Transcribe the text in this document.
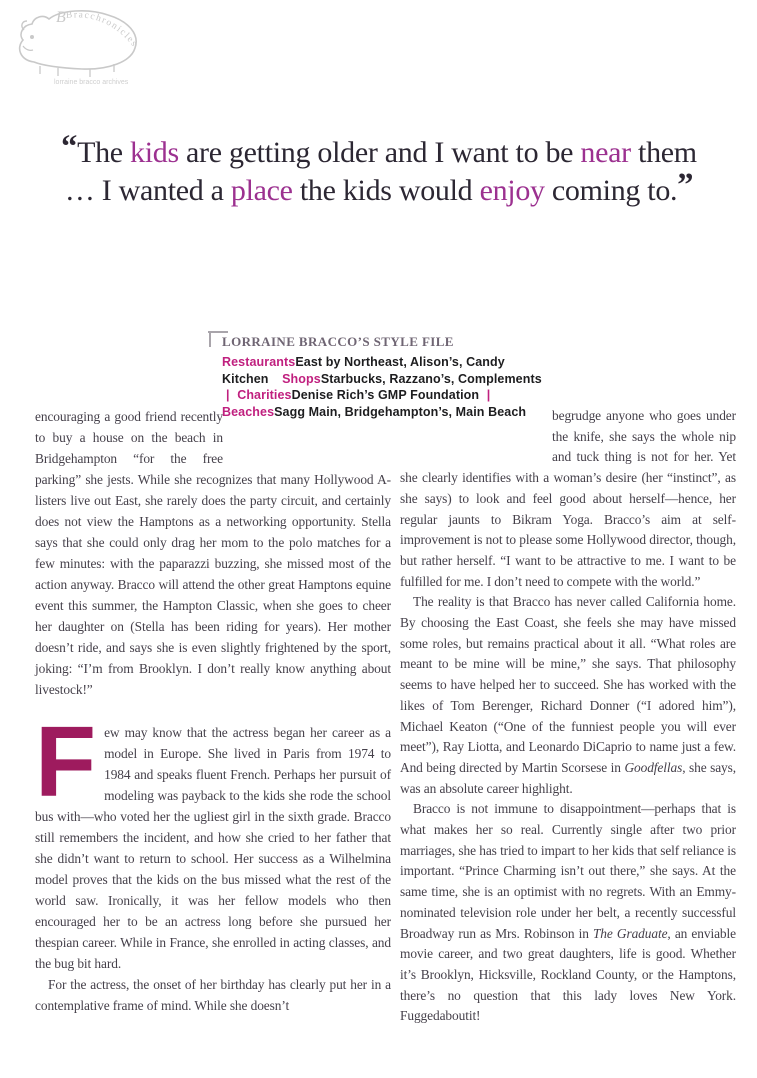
B Bracchronicles
lorraine bracco archives
“The kids are getting older and I want to be near them
… I wanted a place the kids would enjoy coming to.”
LORRAINE BRACCO’S STYLE FILE
RestaurantsEast by Northeast, Alison’s, Candy Kitchen ShopsStarbucks, Razzano’s, Complements | CharitiesDenise Rich’s GMP Foundation | BeachesSagg Main, Bridgehampton’s, Main Beach

encouraging a good friend recently to buy a house on the beach in Bridgehampton “for the free parking” she jests. While she recognizes that many Hollywood A-listers live out East, she rarely does the party circuit, and certainly does not view the Hamptons as a networking opportunity. Stella says that she could only drag her mom to the polo matches for a few minutes: with the paparazzi buzzing, she missed most of the action anyway. Bracco will attend the other great Hamptons equine event this summer, the Hampton Classic, when she goes to cheer her daughter on (Stella has been riding for years). Her mother doesn’t ride, and says she is even slightly frightened by the sport, joking: “I’m from Brooklyn. I don’t really know anything about livestock!”

Few may know that the actress began her career as a model in Europe. She lived in Paris from 1974 to 1984 and speaks fluent French. Perhaps her pursuit of modeling was payback to the kids she rode the school bus with—who voted her the ugliest girl in the sixth grade. Bracco still remembers the incident, and how she cried to her father that she didn’t want to return to school. Her success as a Wilhelmina model proves that the kids on the bus missed what the rest of the world saw. Ironically, it was her fellow models who then encouraged her to be an actress long before she pursued her thespian career. While in France, she enrolled in acting classes, and the bug bit hard.

For the actress, the onset of her birthday has clearly put her in a contemplative frame of mind. While she doesn’t

begrudge anyone who goes under the knife, she says the whole nip and tuck thing is not for her. Yet she clearly identifies with a woman’s desire (her “instinct”, as she says) to look and feel good about herself—hence, her regular jaunts to Bikram Yoga. Bracco’s aim at self-improvement is not to please some Hollywood director, though, but rather herself. “I want to be attractive to me. I want to be fulfilled for me. I don’t need to compete with the world.”

The reality is that Bracco has never called California home. By choosing the East Coast, she feels she may have missed some roles, but remains practical about it all. “What roles are meant to be mine will be mine,” she says. That philosophy seems to have helped her to succeed. She has worked with the likes of Tom Berenger, Richard Donner (“I adored him”), Michael Keaton (“One of the funniest people you will ever meet”), Ray Liotta, and Leonardo DiCaprio to name just a few. And being directed by Martin Scorsese in Goodfellas, she says, was an absolute career highlight.

Bracco is not immune to disappointment—perhaps that is what makes her so real. Currently single after two prior marriages, she has tried to impart to her kids that self reliance is important. “Prince Charming isn’t out there,” she says. At the same time, she is an optimist with no regrets. With an Emmy-nominated television role under her belt, a recently successful Broadway run as Mrs. Robinson in The Graduate, an enviable movie career, and two great daughters, life is good. Whether it’s Brooklyn, Hicksville, Rockland County, or the Hamptons, there’s no question that this lady loves New York. Fuggedaboutit!
